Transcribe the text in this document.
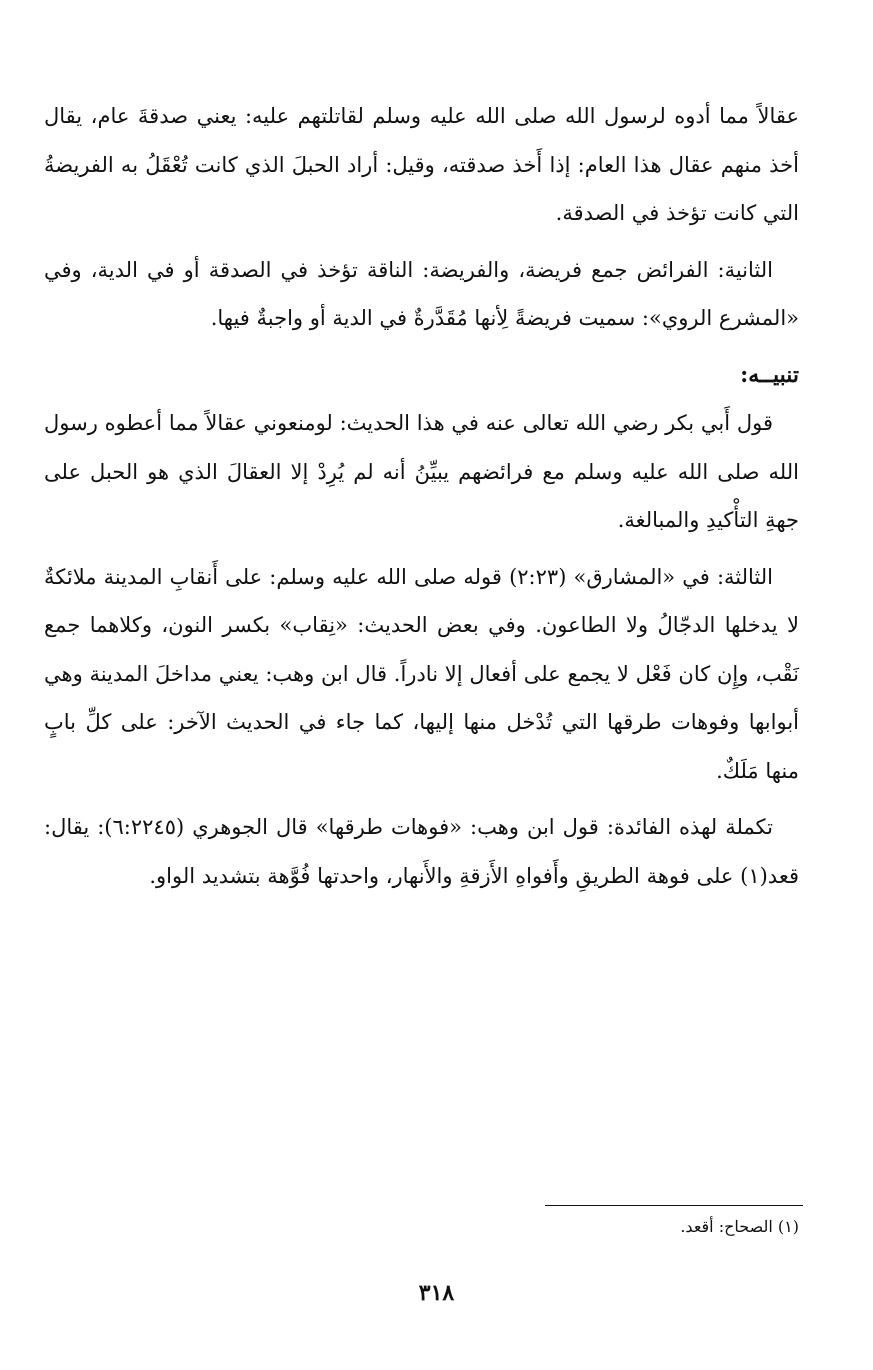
عقالاً مما أدوه لرسول الله صلى الله عليه وسلم لقاتلتهم عليه: يعني صدقةَ عام، يقال أخذ منهم عقال هذا العام: إذا أَخذ صدقته، وقيل: أراد الحبلَ الذي كانت تُعْقَلُ به الفريضةُ التي كانت تؤخذ في الصدقة.

الثانية: الفرائض جمع فريضة، والفريضة: الناقة تؤخذ في الصدقة أو في الدية، وفي «المشرع الروي»: سميت فريضةً لِأنها مُقَدَّرةٌ في الدية أو واجبةٌ فيها.

تنبيــه:

قول أَبي بكر رضي الله تعالى عنه في هذا الحديث: لومنعوني عقالاً مما أعطوه رسول الله صلى الله عليه وسلم مع فرائضهم يبيِّنُ أنه لم يُرِدْ إلا العقالَ الذي هو الحبل على جهةِ التأْكيدِ والمبالغة.

الثالثة: في «المشارق» (٢:٢٣) قوله صلى الله عليه وسلم: على أَنقابِ المدينة ملائكةٌ لا يدخلها الدجّالُ ولا الطاعون. وفي بعض الحديث: «نِقاب» بكسر النون، وكلاهما جمع نَقْب، وإِن كان فَعْل لا يجمع على أفعال إلا نادراً. قال ابن وهب: يعني مداخلَ المدينة وهي أبوابها وفوهات طرقها التي تُدْخل منها إليها، كما جاء في الحديث الآخر: على كلِّ بابٍ منها مَلَكٌ.

تكملة لهذه الفائدة: قول ابن وهب: «فوهات طرقها» قال الجوهري (٦:٢٢٤٥): يقال: قعد(١) على فوهة الطريقِ وأَفواهِ الأَزقةِ والأَنهار، واحدتها فُوَّهة بتشديد الواو.

(١) الصحاح: أقعد.
٣١٨
